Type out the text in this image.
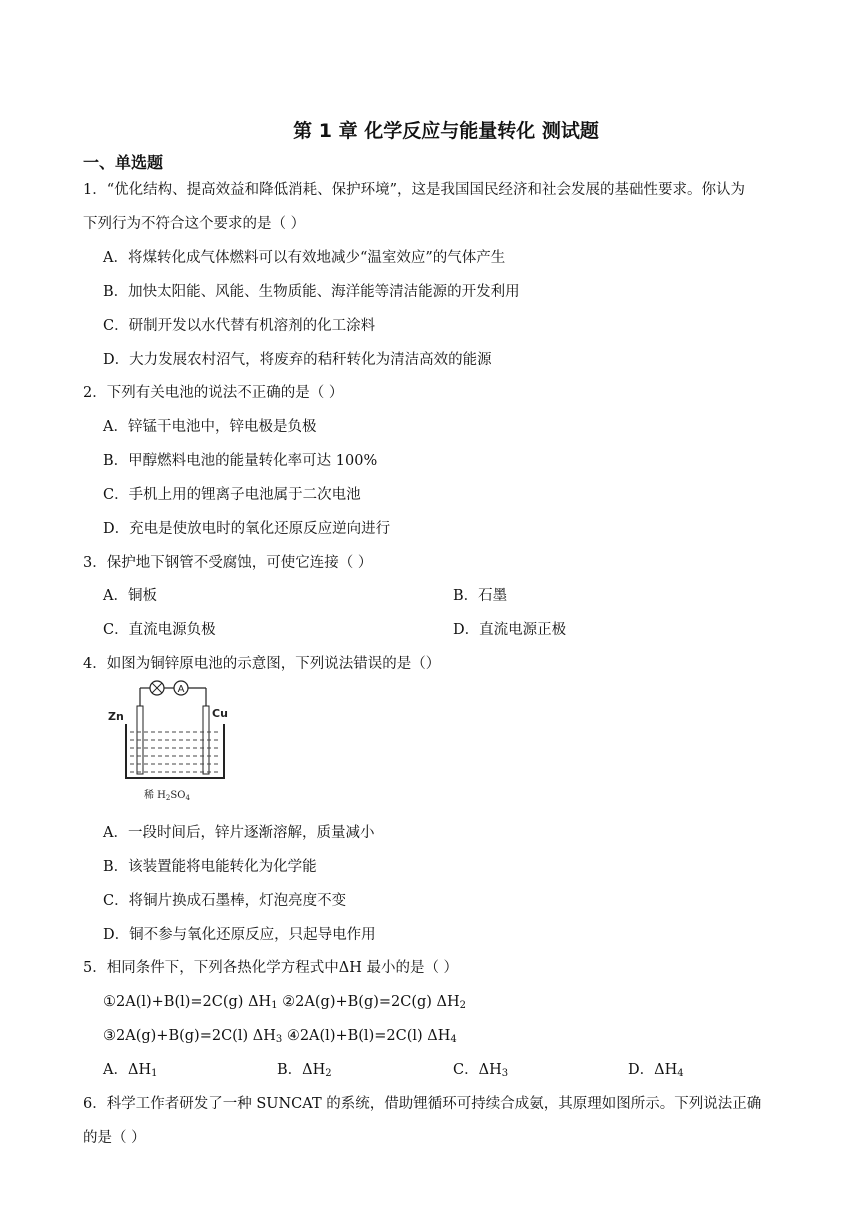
第 1 章 化学反应与能量转化 测试题
一、单选题
1．“优化结构、提高效益和降低消耗、保护环境”，这是我国国民经济和社会发展的基础性要求。你认为
下列行为不符合这个要求的是（ ）
A．将煤转化成气体燃料可以有效地减少“温室效应”的气体产生
B．加快太阳能、风能、生物质能、海洋能等清洁能源的开发利用
C．研制开发以水代替有机溶剂的化工涂料
D．大力发展农村沼气，将废弃的秸秆转化为清洁高效的能源
2．下列有关电池的说法不正确的是（ ）
A．锌锰干电池中，锌电极是负极
B．甲醇燃料电池的能量转化率可达 100%
C．手机上用的锂离子电池属于二次电池
D．充电是使放电时的氧化还原反应逆向进行
3．保护地下钢管不受腐蚀，可使它连接（ ）
A．铜板	B．石墨
C．直流电源负极	D．直流电源正极
4．如图为铜锌原电池的示意图，下列说法错误的是（）
A
Zn	Cu
稀 $H_2SO_4$
A．一段时间后，锌片逐渐溶解，质量减小
B．该装置能将电能转化为化学能
C．将铜片换成石墨棒，灯泡亮度不变
D．铜不参与氧化还原反应，只起导电作用
5．相同条件下，下列各热化学方程式中ΔH 最小的是（ ）
①2A(l)+B(l)=2C(g) $\Delta H_1$ ②2A(g)+B(g)=2C(g) $\Delta H_2$
③2A(g)+B(g)=2C(l) $\Delta H_3$ ④2A(l)+B(l)=2C(l) $\Delta H_4$
A．$\Delta H_1$	B．$\Delta H_2$	C．$\Delta H_3$	D．$\Delta H_4$
6．科学工作者研发了一种 SUNCAT 的系统，借助锂循环可持续合成氨，其原理如图所示。下列说法正确
的是（ ）
